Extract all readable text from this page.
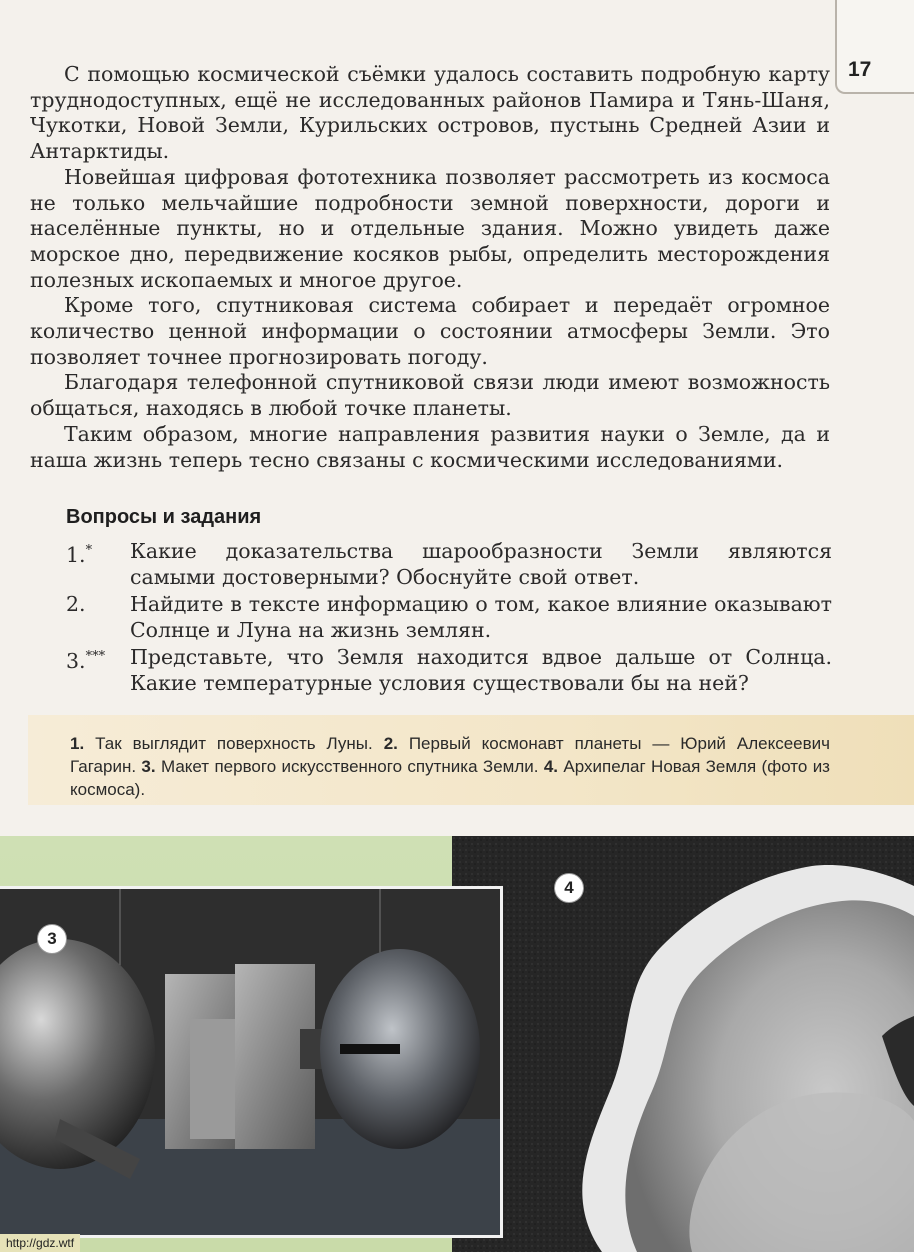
17

С помощью космической съёмки удалось составить подробную карту труднодоступных, ещё не исследованных районов Памира и Тянь-Шаня, Чукотки, Новой Земли, Курильских островов, пустынь Средней Азии и Антарктиды.

Новейшая цифровая фототехника позволяет рассмотреть из космоса не только мельчайшие подробности земной поверхности, дороги и населённые пункты, но и отдельные здания. Можно увидеть даже морское дно, передвижение косяков рыбы, определить месторождения полезных ископаемых и многое другое.

Кроме того, спутниковая система собирает и передаёт огромное количество ценной информации о состоянии атмосферы Земли. Это позволяет точнее прогнозировать погоду.

Благодаря телефонной спутниковой связи люди имеют возможность общаться, находясь в любой точке планеты.

Таким образом, многие направления развития науки о Земле, да и наша жизнь теперь тесно связаны с космическими исследованиями.

Вопросы и задания
1.* Какие доказательства шарообразности Земли являются самыми достоверными? Обоснуйте свой ответ.
2. Найдите в тексте информацию о том, какое влияние оказывают Солнце и Луна на жизнь землян.
3.*** Представьте, что Земля находится вдвое дальше от Солнца. Какие температурные условия существовали бы на ней?
1. Так выглядит поверхность Луны. 2. Первый космонавт планеты — Юрий Алексеевич Гагарин. 3. Макет первого искусственного спутника Земли. 4. Архипелаг Новая Земля (фото из космоса).
4
3
http://gdz.wtf
